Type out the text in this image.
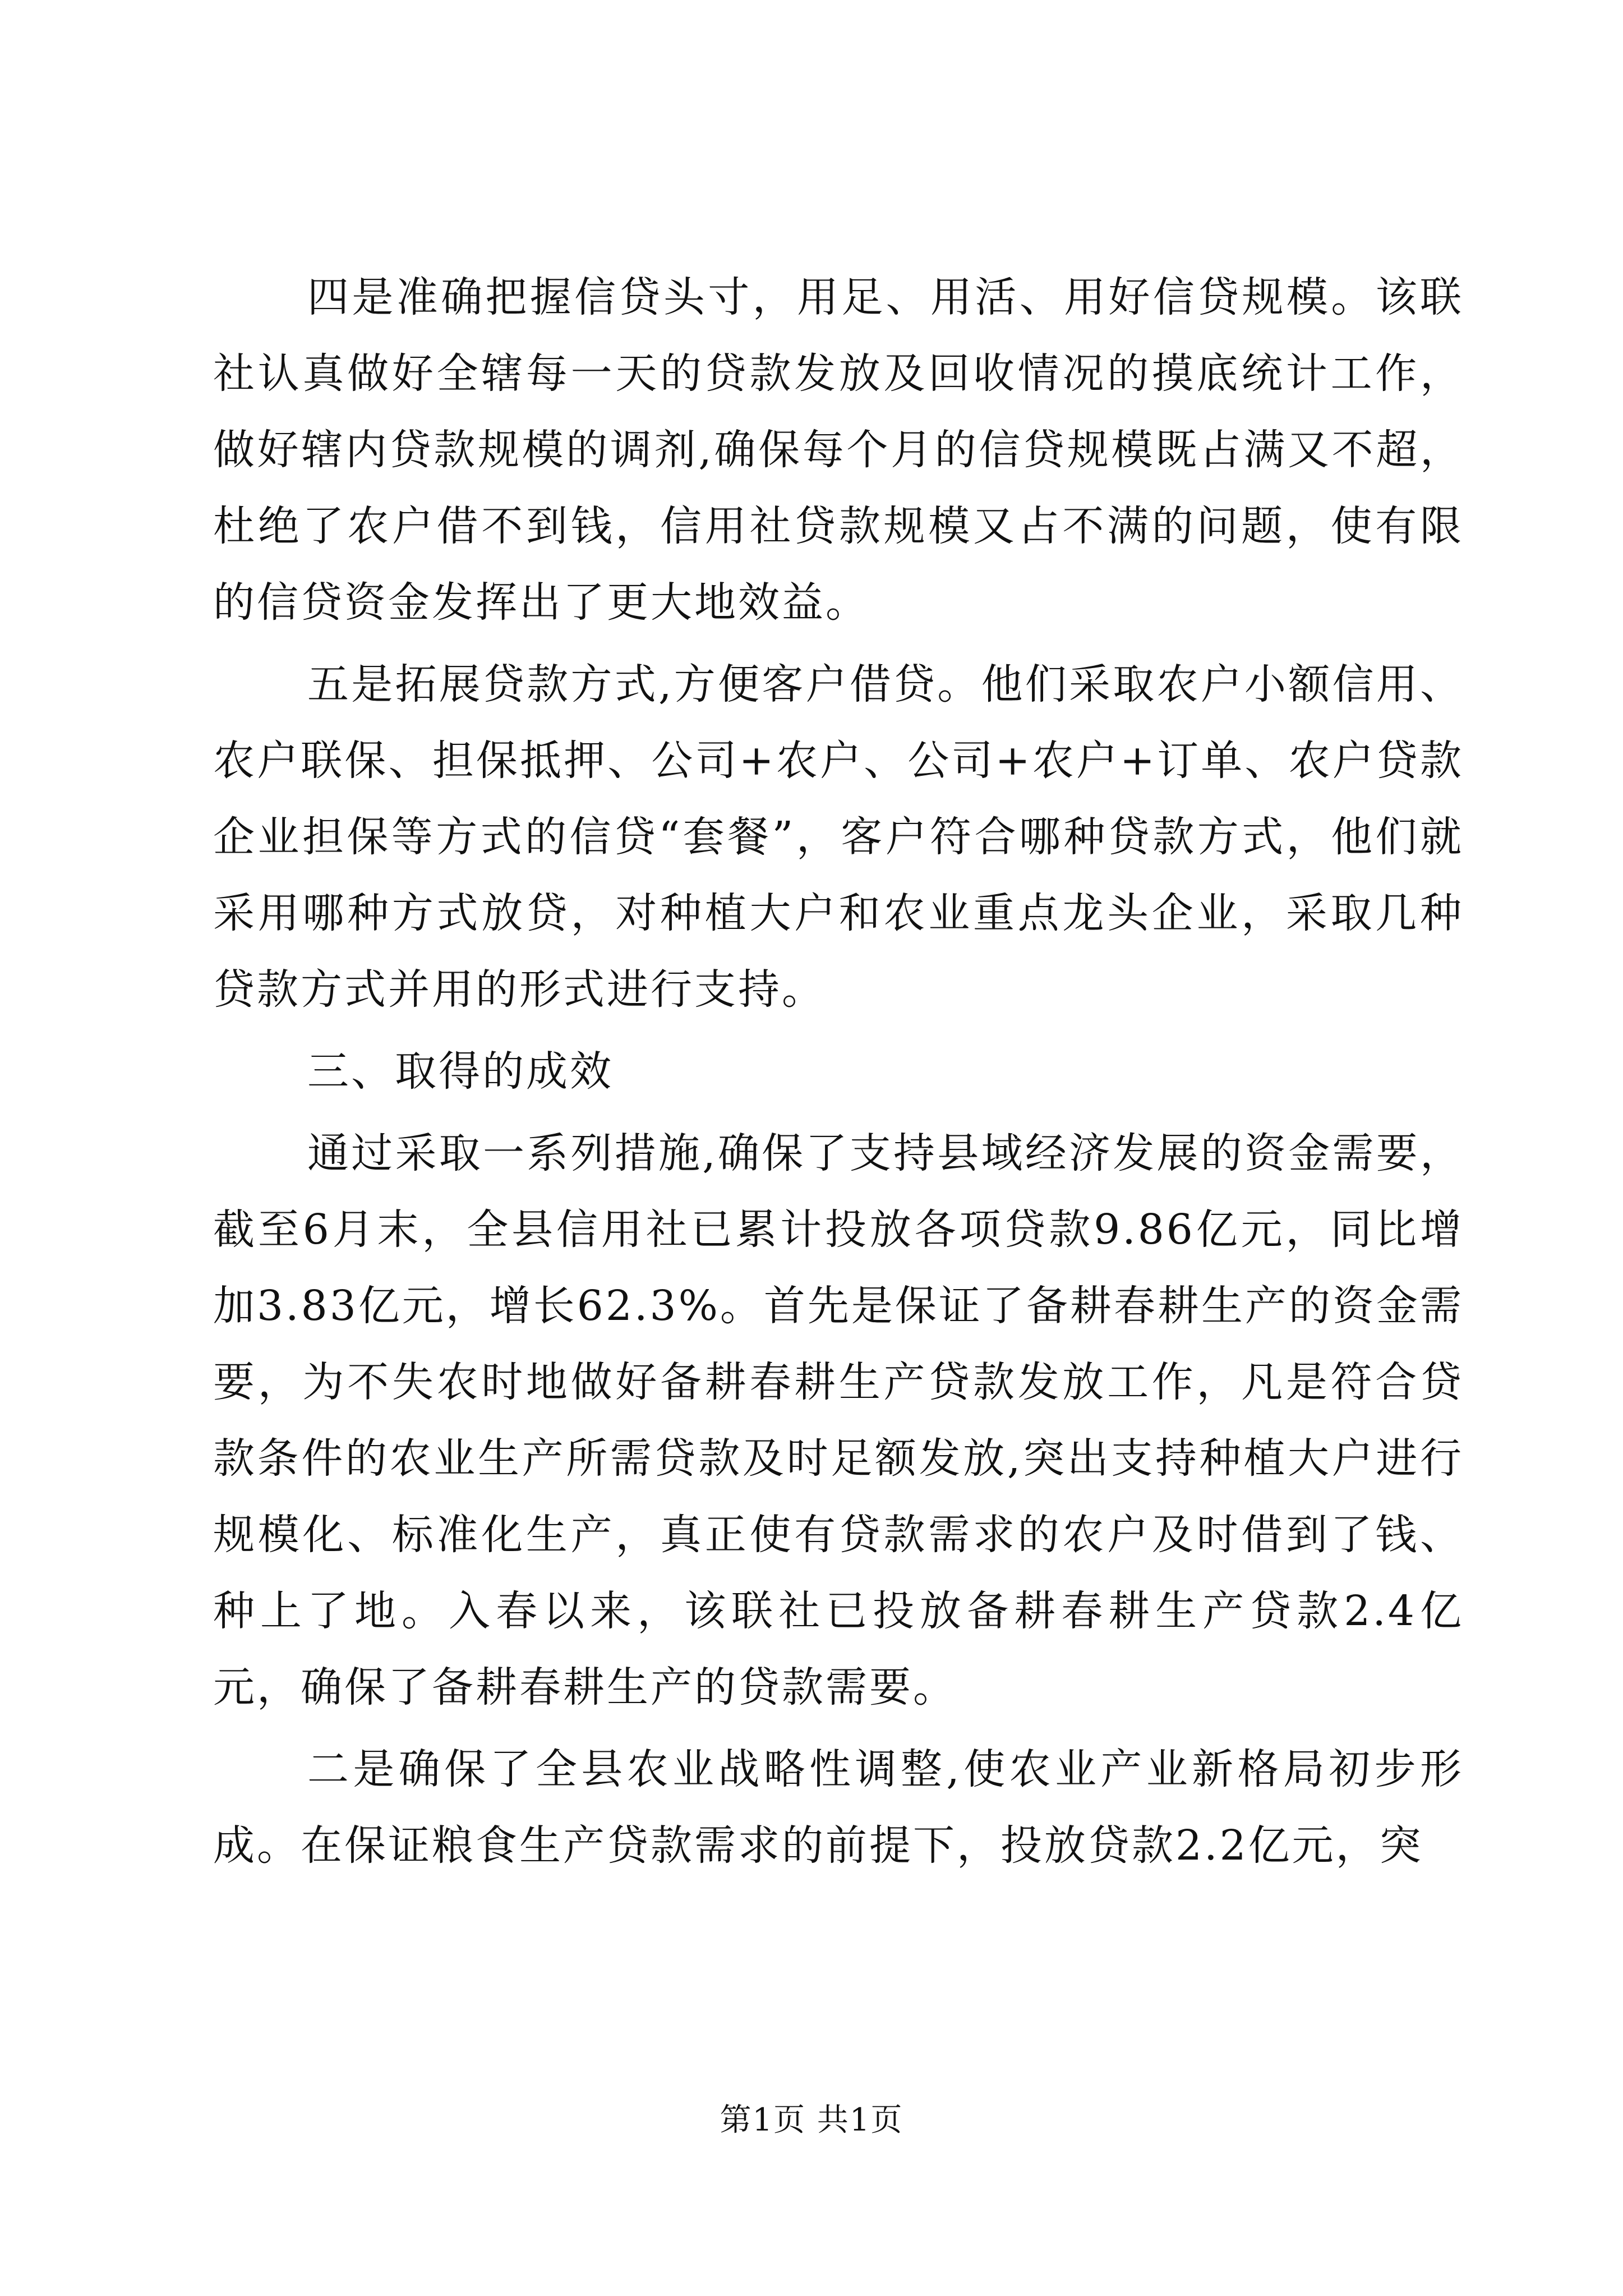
四是准确把握信贷头寸，用足、用活、用好信贷规模。该联社认真做好全辖每一天的贷款发放及回收情况的摸底统计工作，做好辖内贷款规模的调剂,确保每个月的信贷规模既占满又不超，杜绝了农户借不到钱，信用社贷款规模又占不满的问题，使有限的信贷资金发挥出了更大地效益。

五是拓展贷款方式,方便客户借贷。他们采取农户小额信用、农户联保、担保抵押、公司+农户、公司+农户+订单、农户贷款企业担保等方式的信贷“套餐”，客户符合哪种贷款方式，他们就采用哪种方式放贷，对种植大户和农业重点龙头企业，采取几种贷款方式并用的形式进行支持。

三、取得的成效

通过采取一系列措施,确保了支持县域经济发展的资金需要，截至6月末，全县信用社已累计投放各项贷款9.86亿元，同比增加3.83亿元，增长62.3%。首先是保证了备耕春耕生产的资金需要，为不失农时地做好备耕春耕生产贷款发放工作，凡是符合贷款条件的农业生产所需贷款及时足额发放,突出支持种植大户进行规模化、标准化生产，真正使有贷款需求的农户及时借到了钱、种上了地。入春以来，该联社已投放备耕春耕生产贷款2.4亿元，确保了备耕春耕生产的贷款需要。

二是确保了全县农业战略性调整,使农业产业新格局初步形成。在保证粮食生产贷款需求的前提下，投放贷款2.2亿元，突

第1页 共1页
